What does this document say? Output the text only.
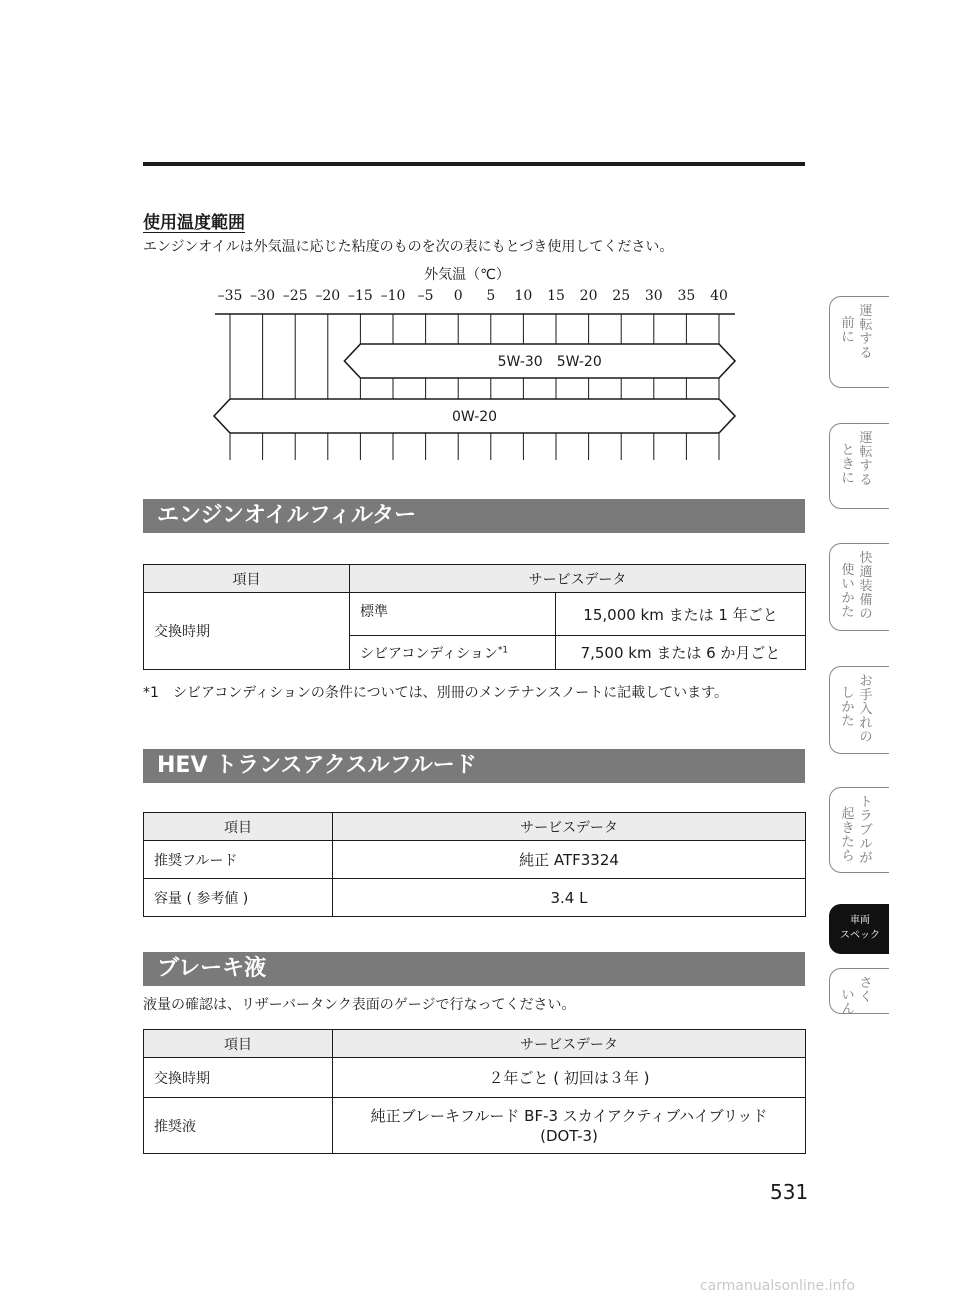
使用温度範囲
エンジンオイルは外気温に応じた粘度のものを次の表にもとづき使用してください。
外気温（℃）
–35 –30 –25 –20 –15 –10 –5 0 5 10 15 20 25 30 35 40
5W-30　5W-20
0W-20
エンジンオイルフィルター
項目	サービスデータ	
交換時期	標準	15,000 km または 1 年ごと
	シビアコンディション$^{*1}$	7,500 km または 6 か月ごと
*1	シビアコンディションの条件については、別冊のメンテナンスノートに記載しています。
HEV トランスアクスルフルード
項目	サービスデータ
推奨フルード	純正 ATF3324
容量 ( 参考値 )	3.4 L
ブレーキ液
液量の確認は、リザーバータンク表面のゲージで行なってください。
項目	サービスデータ
交換時期	２年ごと ( 初回は３年 )
推奨液	純正ブレーキフルード BF-3 スカイアクティブハイブリッド
(DOT-3)
531
前に
運転する
ときに
運転する
使いかた
快適装備の
しかた
お手入れの
起きたら
トラブルが
車両
スペック
いん
さく
carmanualsonline.info
